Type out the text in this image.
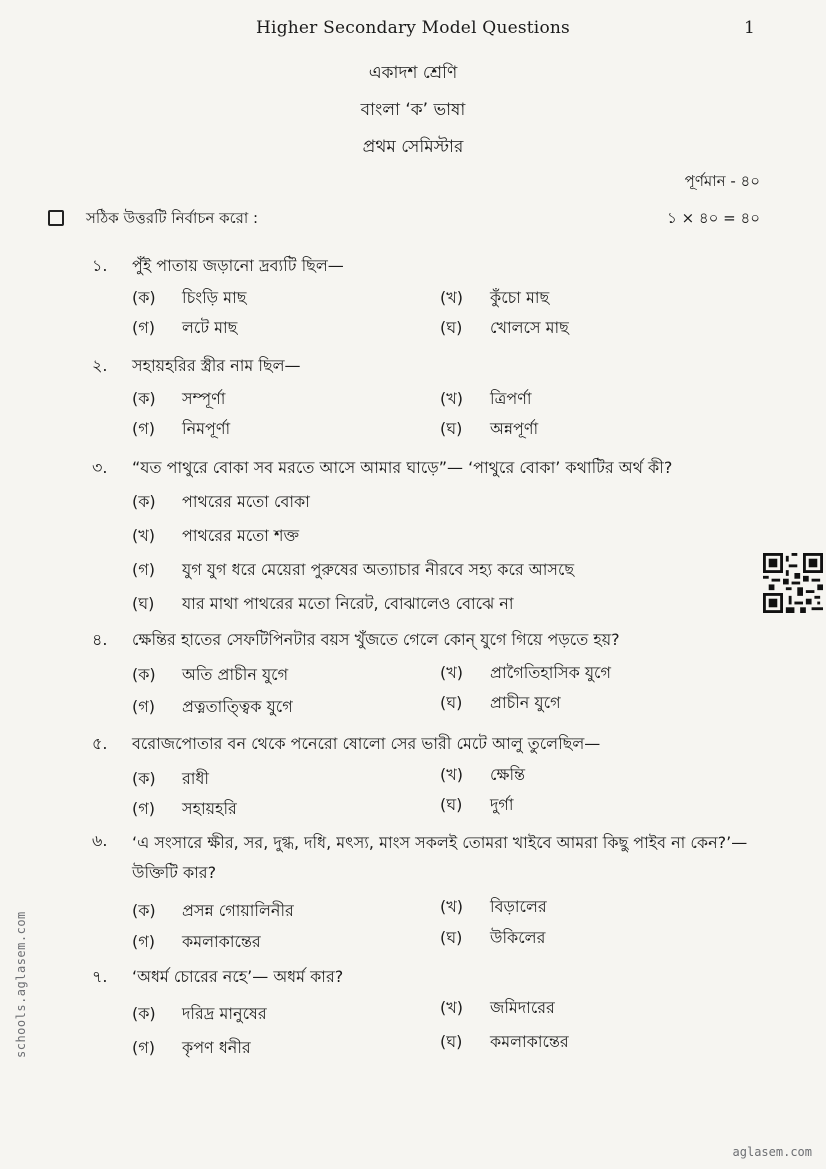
Higher Secondary Model Questions	1
একাদশ শ্রেণি
বাংলা ‘ক’ ভাষা
প্রথম সেমিস্টার
পূর্ণমান - ৪০
সঠিক উত্তরটি নির্বাচন করো :	১ × ৪০ = ৪০
১.	পুঁই পাতায় জড়ানো দ্রব্যটি ছিল—
(ক) চিংড়ি মাছ	(খ) কুঁচো মাছ
(গ) লটে মাছ	(ঘ) খোলসে মাছ
২.	সহায়হরির স্ত্রীর নাম ছিল—
(ক) সম্পূর্ণা	(খ) ত্রিপর্ণা
(গ) নিমপূর্ণা	(ঘ) অন্নপূর্ণা
৩.	“যত পাথুরে বোকা সব মরতে আসে আমার ঘাড়ে”— ‘পাথুরে বোকা’ কথাটির অর্থ কী?
(ক) পাথরের মতো বোকা
(খ) পাথরের মতো শক্ত
(গ) যুগ যুগ ধরে মেয়েরা পুরুষের অত্যাচার নীরবে সহ্য করে আসছে
(ঘ) যার মাথা পাথরের মতো নিরেট, বোঝালেও বোঝে না
৪.	ক্ষেন্তির হাতের সেফটিপিনটার বয়স খুঁজতে গেলে কোন্ যুগে গিয়ে পড়তে হয়?
(ক) অতি প্রাচীন যুগে	(খ) প্রাগৈতিহাসিক যুগে
(গ) প্রত্নতাত্ত্বিক যুগে	(ঘ) প্রাচীন যুগে
৫.	বরোজপোতার বন থেকে পনেরো ষোলো সের ভারী মেটে আলু তুলেছিল—
(ক) রাধী	(খ) ক্ষেন্তি
(গ) সহায়হরি	(ঘ) দুর্গা
৬.	‘এ সংসারে ক্ষীর, সর, দুগ্ধ, দধি, মৎস্য, মাংস সকলই তোমরা খাইবে আমরা কিছু পাইব না কেন?’— উক্তিটি কার?
(ক) প্রসন্ন গোয়ালিনীর	(খ) বিড়ালের
(গ) কমলাকান্তের	(ঘ) উকিলের
৭.	‘অধর্ম চোরের নহে’— অধর্ম কার?
(ক) দরিদ্র মানুষের	(খ) জমিদারের
(গ) কৃপণ ধনীর	(ঘ) কমলাকান্তের
schools.aglasem.com
aglasem.com
